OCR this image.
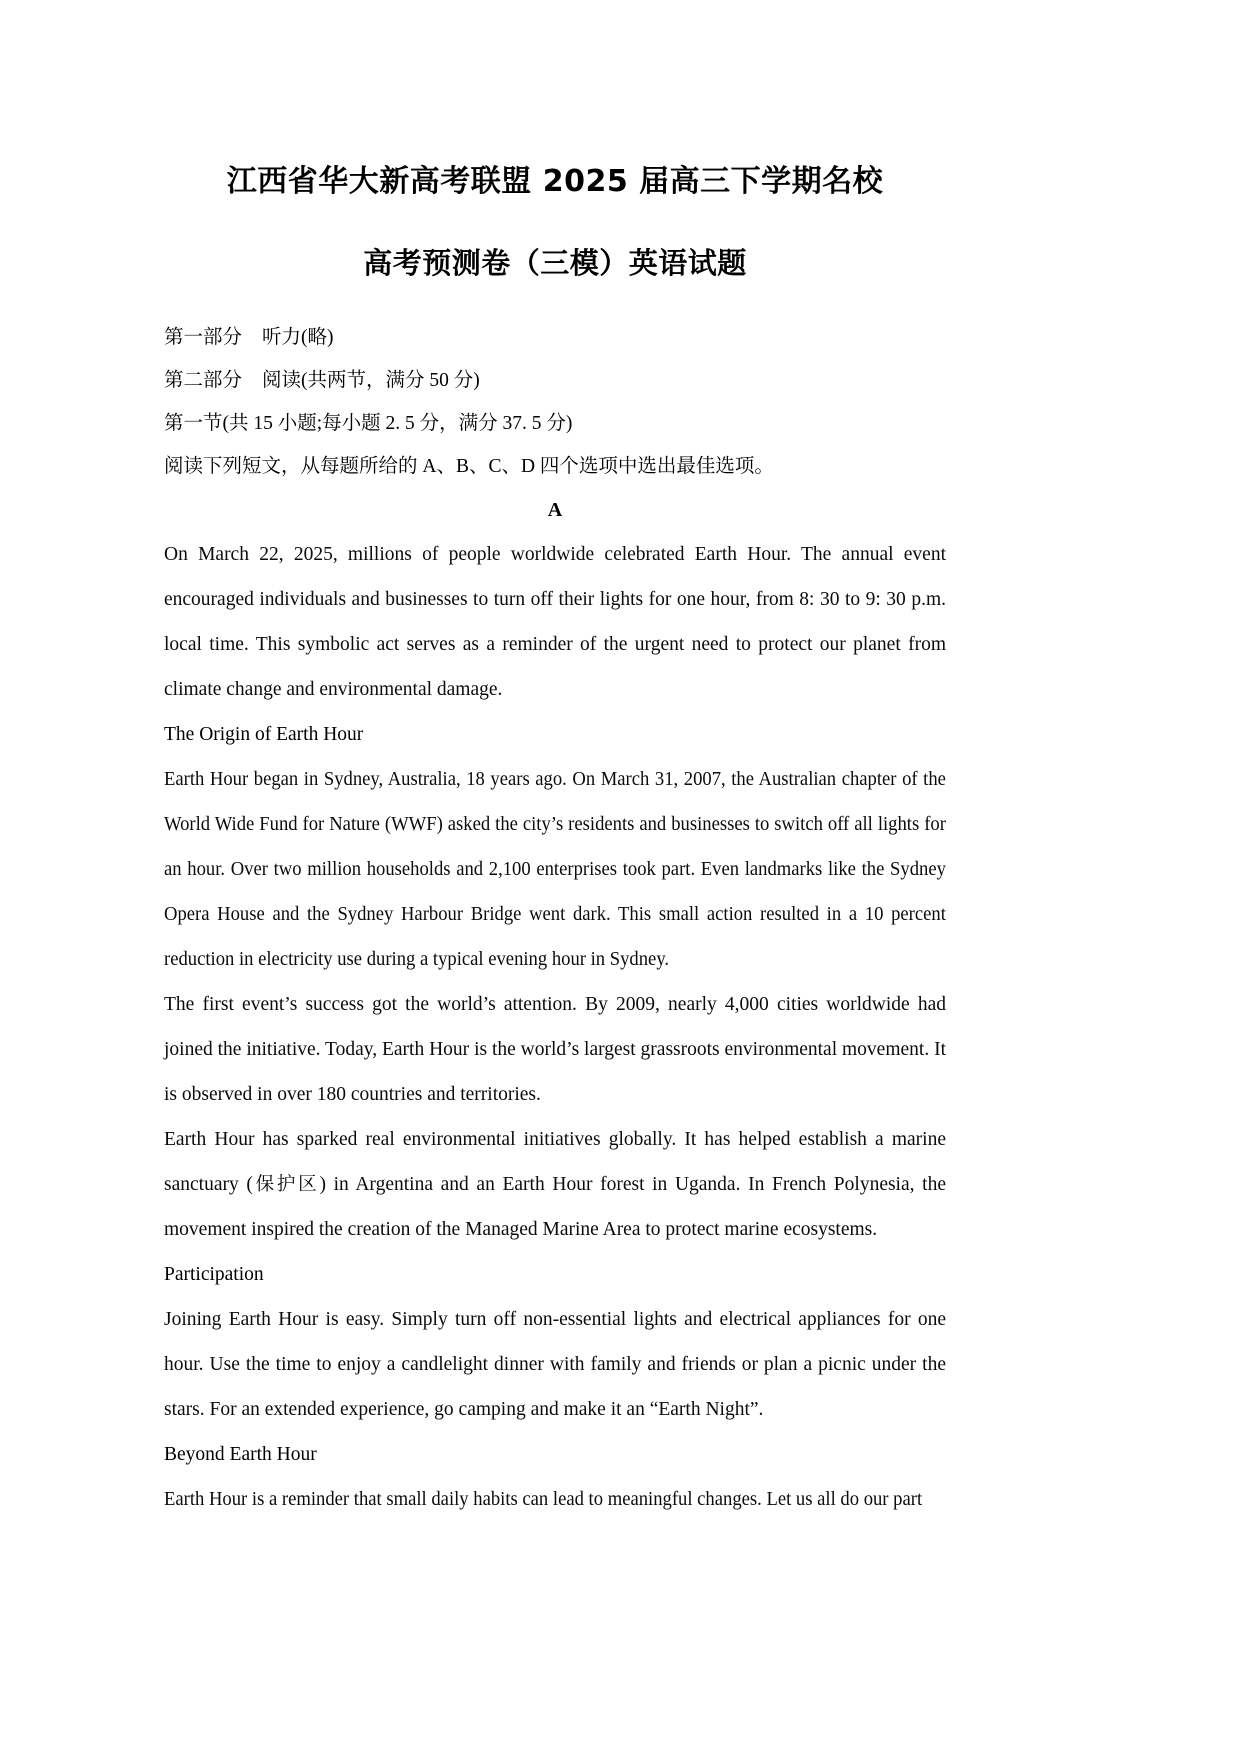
江西省华大新高考联盟 2025 届高三下学期名校
高考预测卷（三模）英语试题

第一部分 听力(略)

第二部分 阅读(共两节，满分 50 分)

第一节(共 15 小题;每小题 2. 5 分，满分 37. 5 分)

阅读下列短文，从每题所给的 A、B、C、D 四个选项中选出最佳选项。

A

On March 22, 2025, millions of people worldwide celebrated Earth Hour. The annual event encouraged individuals and businesses to turn off their lights for one hour, from 8: 30 to 9: 30 p.m. local time. This symbolic act serves as a reminder of the urgent need to protect our planet from climate change and environmental damage.

The Origin of Earth Hour

Earth Hour began in Sydney, Australia, 18 years ago. On March 31, 2007, the Australian chapter of the World Wide Fund for Nature (WWF) asked the city’s residents and businesses to switch off all lights for an hour. Over two million households and 2,100 enterprises took part. Even landmarks like the Sydney Opera House and the Sydney Harbour Bridge went dark. This small action resulted in a 10 percent reduction in electricity use during a typical evening hour in Sydney.

The first event’s success got the world’s attention. By 2009, nearly 4,000 cities worldwide had joined the initiative. Today, Earth Hour is the world’s largest grassroots environmental movement. It is observed in over 180 countries and territories.

Earth Hour has sparked real environmental initiatives globally. It has helped establish a marine sanctuary (保护区) in Argentina and an Earth Hour forest in Uganda. In French Polynesia, the movement inspired the creation of the Managed Marine Area to protect marine ecosystems.

Participation

Joining Earth Hour is easy. Simply turn off non-essential lights and electrical appliances for one hour. Use the time to enjoy a candlelight dinner with family and friends or plan a picnic under the stars. For an extended experience, go camping and make it an “Earth Night”.

Beyond Earth Hour

Earth Hour is a reminder that small daily habits can lead to meaningful changes. Let us all do our part
